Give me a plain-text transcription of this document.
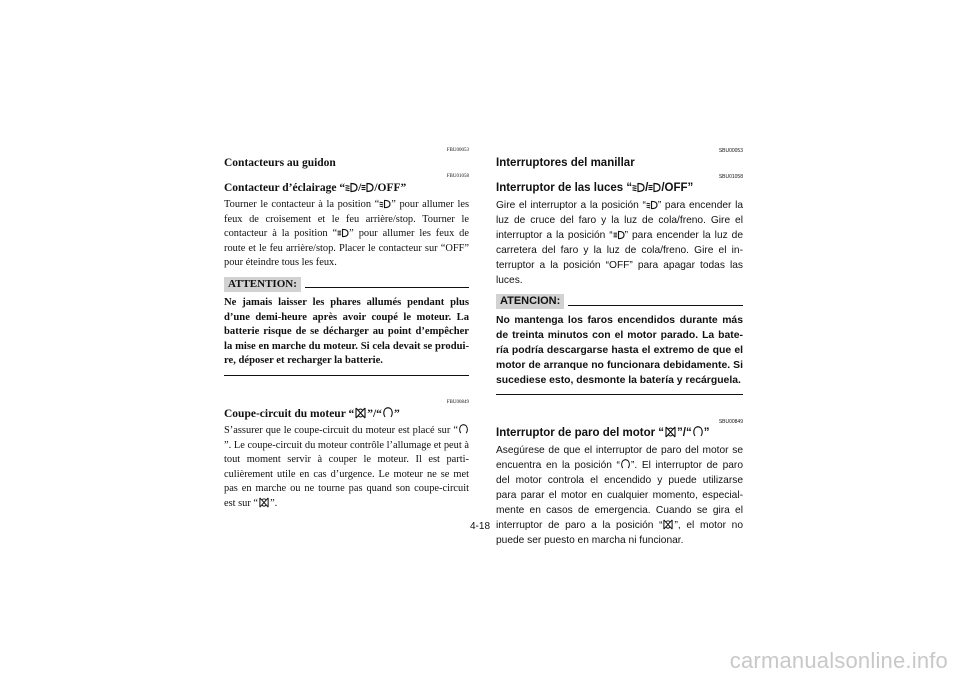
FBU00053

Contacteurs au guidon

FBU01058

Contacteur d’éclairage “ / /OFF”

Tourner le contacteur à la position “ ” pour allumer les feux de croisement et le feu arrière/stop. Tourner le contacteur à la position “ ” pour allumer les feux de route et le feu arrière/stop. Placer le contacteur sur “OFF” pour éteindre tous les feux.

ATTENTION:

Ne jamais laisser les phares allumés pendant plus d’une demi-heure après avoir coupé le moteur. La batterie risque de se décharger au point d’empêcher la mise en marche du moteur. Si cela devait se produire, déposer et recharger la batterie.

FBU00849

Coupe-circuit du moteur “ ”/“ ”

S’assurer que le coupe-circuit du moteur est placé sur “”. Le coupe-circuit du moteur contrôle l’allumage et peut à tout moment servir à couper le moteur. Il est particulièrement utile en cas d’urgence. Le moteur ne se met pas en marche ou ne tourne pas quand son coupe-circuit est sur “ ”.

SBU00053

Interruptores del manillar

SBU01058

Interruptor de las luces “ / /OFF”

Gire el interruptor a la posición “ ” para encender la luz de cruce del faro y la luz de cola/freno. Gire el interruptor a la posición “ ” para encender la luz de carretera del faro y la luz de cola/freno. Gire el interruptor a la posición “OFF” para apagar todas las luces.

ATENCION:

No mantenga los faros encendidos durante más de treinta minutos con el motor parado. La batería podría descargarse hasta el extremo de que el motor de arranque no funcionara debidamente. Si sucediese esto, desmonte la batería y recárguela.

SBU00849

Interruptor de paro del motor “ ”/“ ”

Asegúrese de que el interruptor de paro del motor se encuentra en la posición “ ”. El interruptor de paro del motor controla el encendido y puede utilizarse para parar el motor en cualquier momento, especialmente en casos de emergencia. Cuando se gira el interruptor de paro a la posición “ ”, el motor no puede ser puesto en marcha ni funcionar.

4-18
carmanualsonline.info
